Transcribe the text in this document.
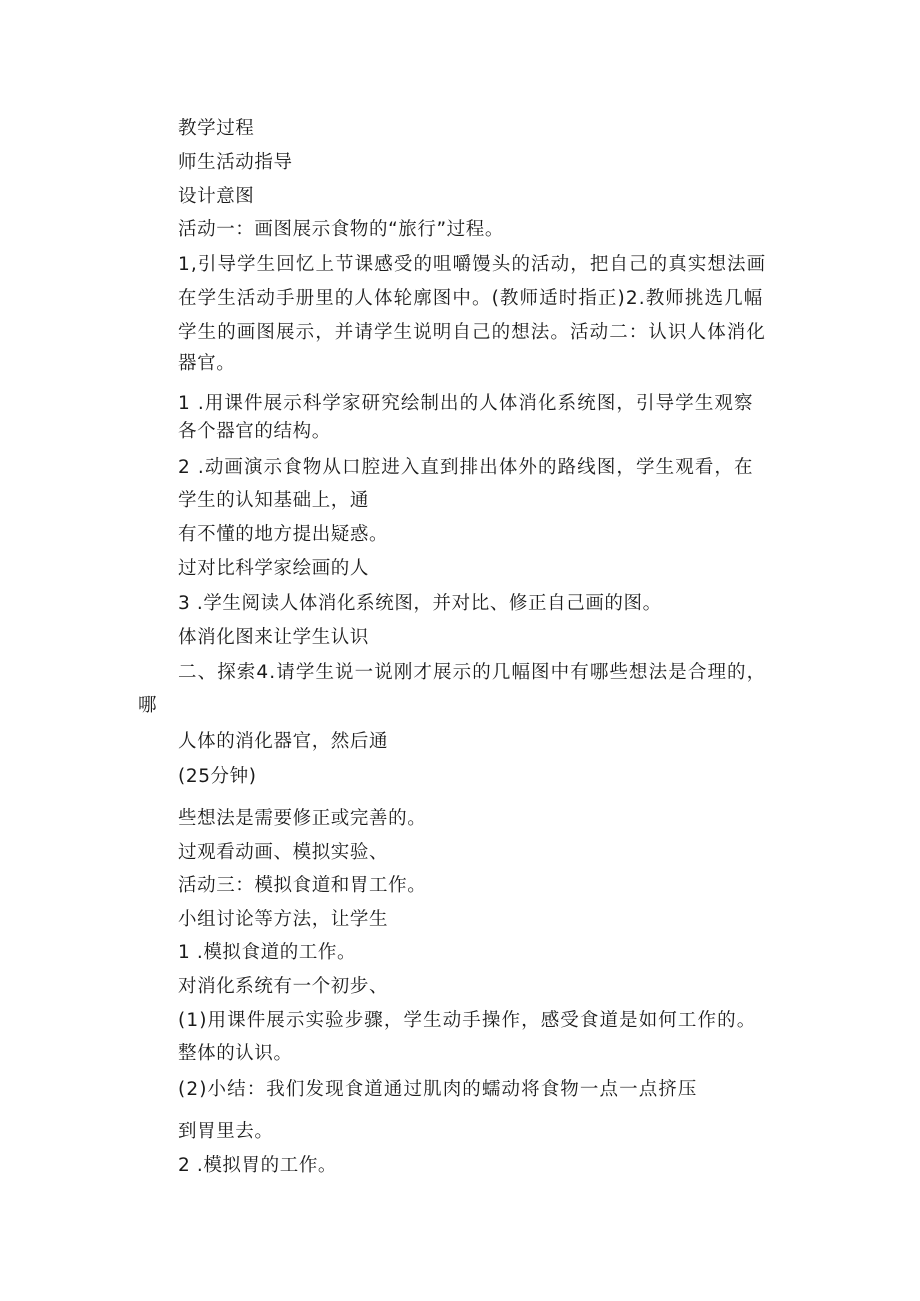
教学过程
师生活动指导
设计意图
活动一：画图展示食物的“旅行”过程。
1,引导学生回忆上节课感受的咀嚼馒头的活动，把自己的真实想法画
在学生活动手册里的人体轮廓图中。(教师适时指正)2.教师挑选几幅
学生的画图展示，并请学生说明自己的想法。活动二：认识人体消化
器官。
1 .用课件展示科学家研究绘制出的人体消化系统图，引导学生观察
各个器官的结构。
2 .动画演示食物从口腔进入直到排出体外的路线图，学生观看，在
学生的认知基础上，通
有不懂的地方提出疑惑。
过对比科学家绘画的人
3 .学生阅读人体消化系统图，并对比、修正自己画的图。
体消化图来让学生认识
二、探索4.请学生说一说刚才展示的几幅图中有哪些想法是合理的，
哪
人体的消化器官，然后通
(25分钟)
些想法是需要修正或完善的。
过观看动画、模拟实验、
活动三：模拟食道和胃工作。
小组讨论等方法，让学生
1 .模拟食道的工作。
对消化系统有一个初步、
(1)用课件展示实验步骤，学生动手操作，感受食道是如何工作的。
整体的认识。
(2)小结：我们发现食道通过肌肉的蠕动将食物一点一点挤压
到胃里去。
2 .模拟胃的工作。
